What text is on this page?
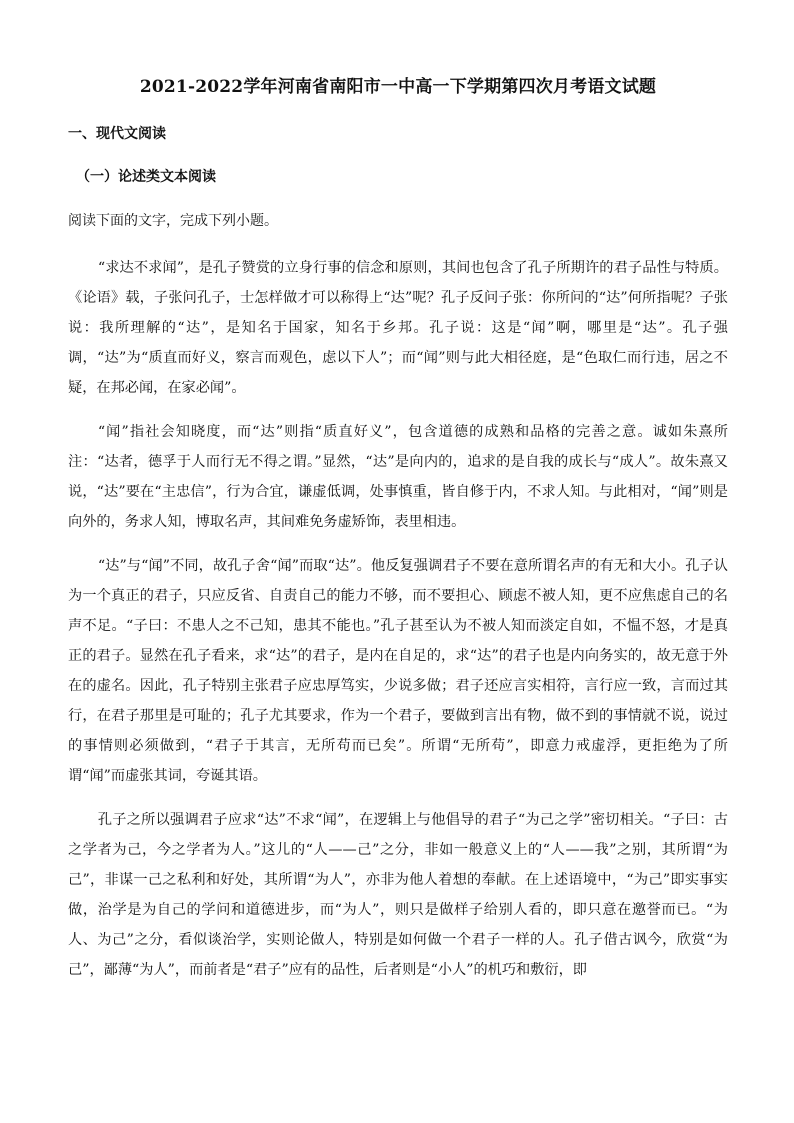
2021-2022学年河南省南阳市一中高一下学期第四次月考语文试题
一、现代文阅读
（一）论述类文本阅读

阅读下面的文字，完成下列小题。

“求达不求闻”，是孔子赞赏的立身行事的信念和原则，其间也包含了孔子所期许的君子品性与特质。《论语》载，子张问孔子，士怎样做才可以称得上“达”呢？孔子反问子张：你所问的“达”何所指呢？子张说：我所理解的“达”，是知名于国家，知名于乡邦。孔子说：这是“闻”啊，哪里是“达”。孔子强调，“达”为“质直而好义，察言而观色，虑以下人”；而“闻”则与此大相径庭，是“色取仁而行违，居之不疑，在邦必闻，在家必闻”。

“闻”指社会知晓度，而“达”则指“质直好义”，包含道德的成熟和品格的完善之意。诚如朱熹所注：“达者，德孚于人而行无不得之谓。”显然，“达”是向内的，追求的是自我的成长与“成人”。故朱熹又说，“达”要在“主忠信”，行为合宜，谦虚低调，处事慎重，皆自修于内，不求人知。与此相对，“闻”则是向外的，务求人知，博取名声，其间难免务虚矫饰，表里相违。

“达”与“闻”不同，故孔子舍“闻”而取“达”。他反复强调君子不要在意所谓名声的有无和大小。孔子认为一个真正的君子，只应反省、自责自己的能力不够，而不要担心、顾虑不被人知，更不应焦虑自己的名声不足。“子曰：不患人之不己知，患其不能也。”孔子甚至认为不被人知而淡定自如，不愠不怒，才是真正的君子。显然在孔子看来，求“达”的君子，是内在自足的，求“达”的君子也是内向务实的，故无意于外在的虚名。因此，孔子特别主张君子应忠厚笃实，少说多做；君子还应言实相符，言行应一致，言而过其行，在君子那里是可耻的；孔子尤其要求，作为一个君子，要做到言出有物，做不到的事情就不说，说过的事情则必须做到，“君子于其言，无所苟而已矣”。所谓“无所苟”，即意力戒虚浮，更拒绝为了所谓“闻”而虚张其词，夸诞其语。

孔子之所以强调君子应求“达”不求“闻”，在逻辑上与他倡导的君子“为己之学”密切相关。“子曰：古之学者为己，今之学者为人。”这儿的“人——己”之分，非如一般意义上的“人——我”之别，其所谓“为己”，非谋一己之私利和好处，其所谓“为人”，亦非为他人着想的奉献。在上述语境中，“为己”即实事实做，治学是为自己的学问和道德进步，而“为人”，则只是做样子给别人看的，即只意在邀誉而已。“为人、为己”之分，看似谈治学，实则论做人，特别是如何做一个君子一样的人。孔子借古讽今，欣赏“为己”，鄙薄“为人”，而前者是“君子”应有的品性，后者则是“小人”的机巧和敷衍，即
